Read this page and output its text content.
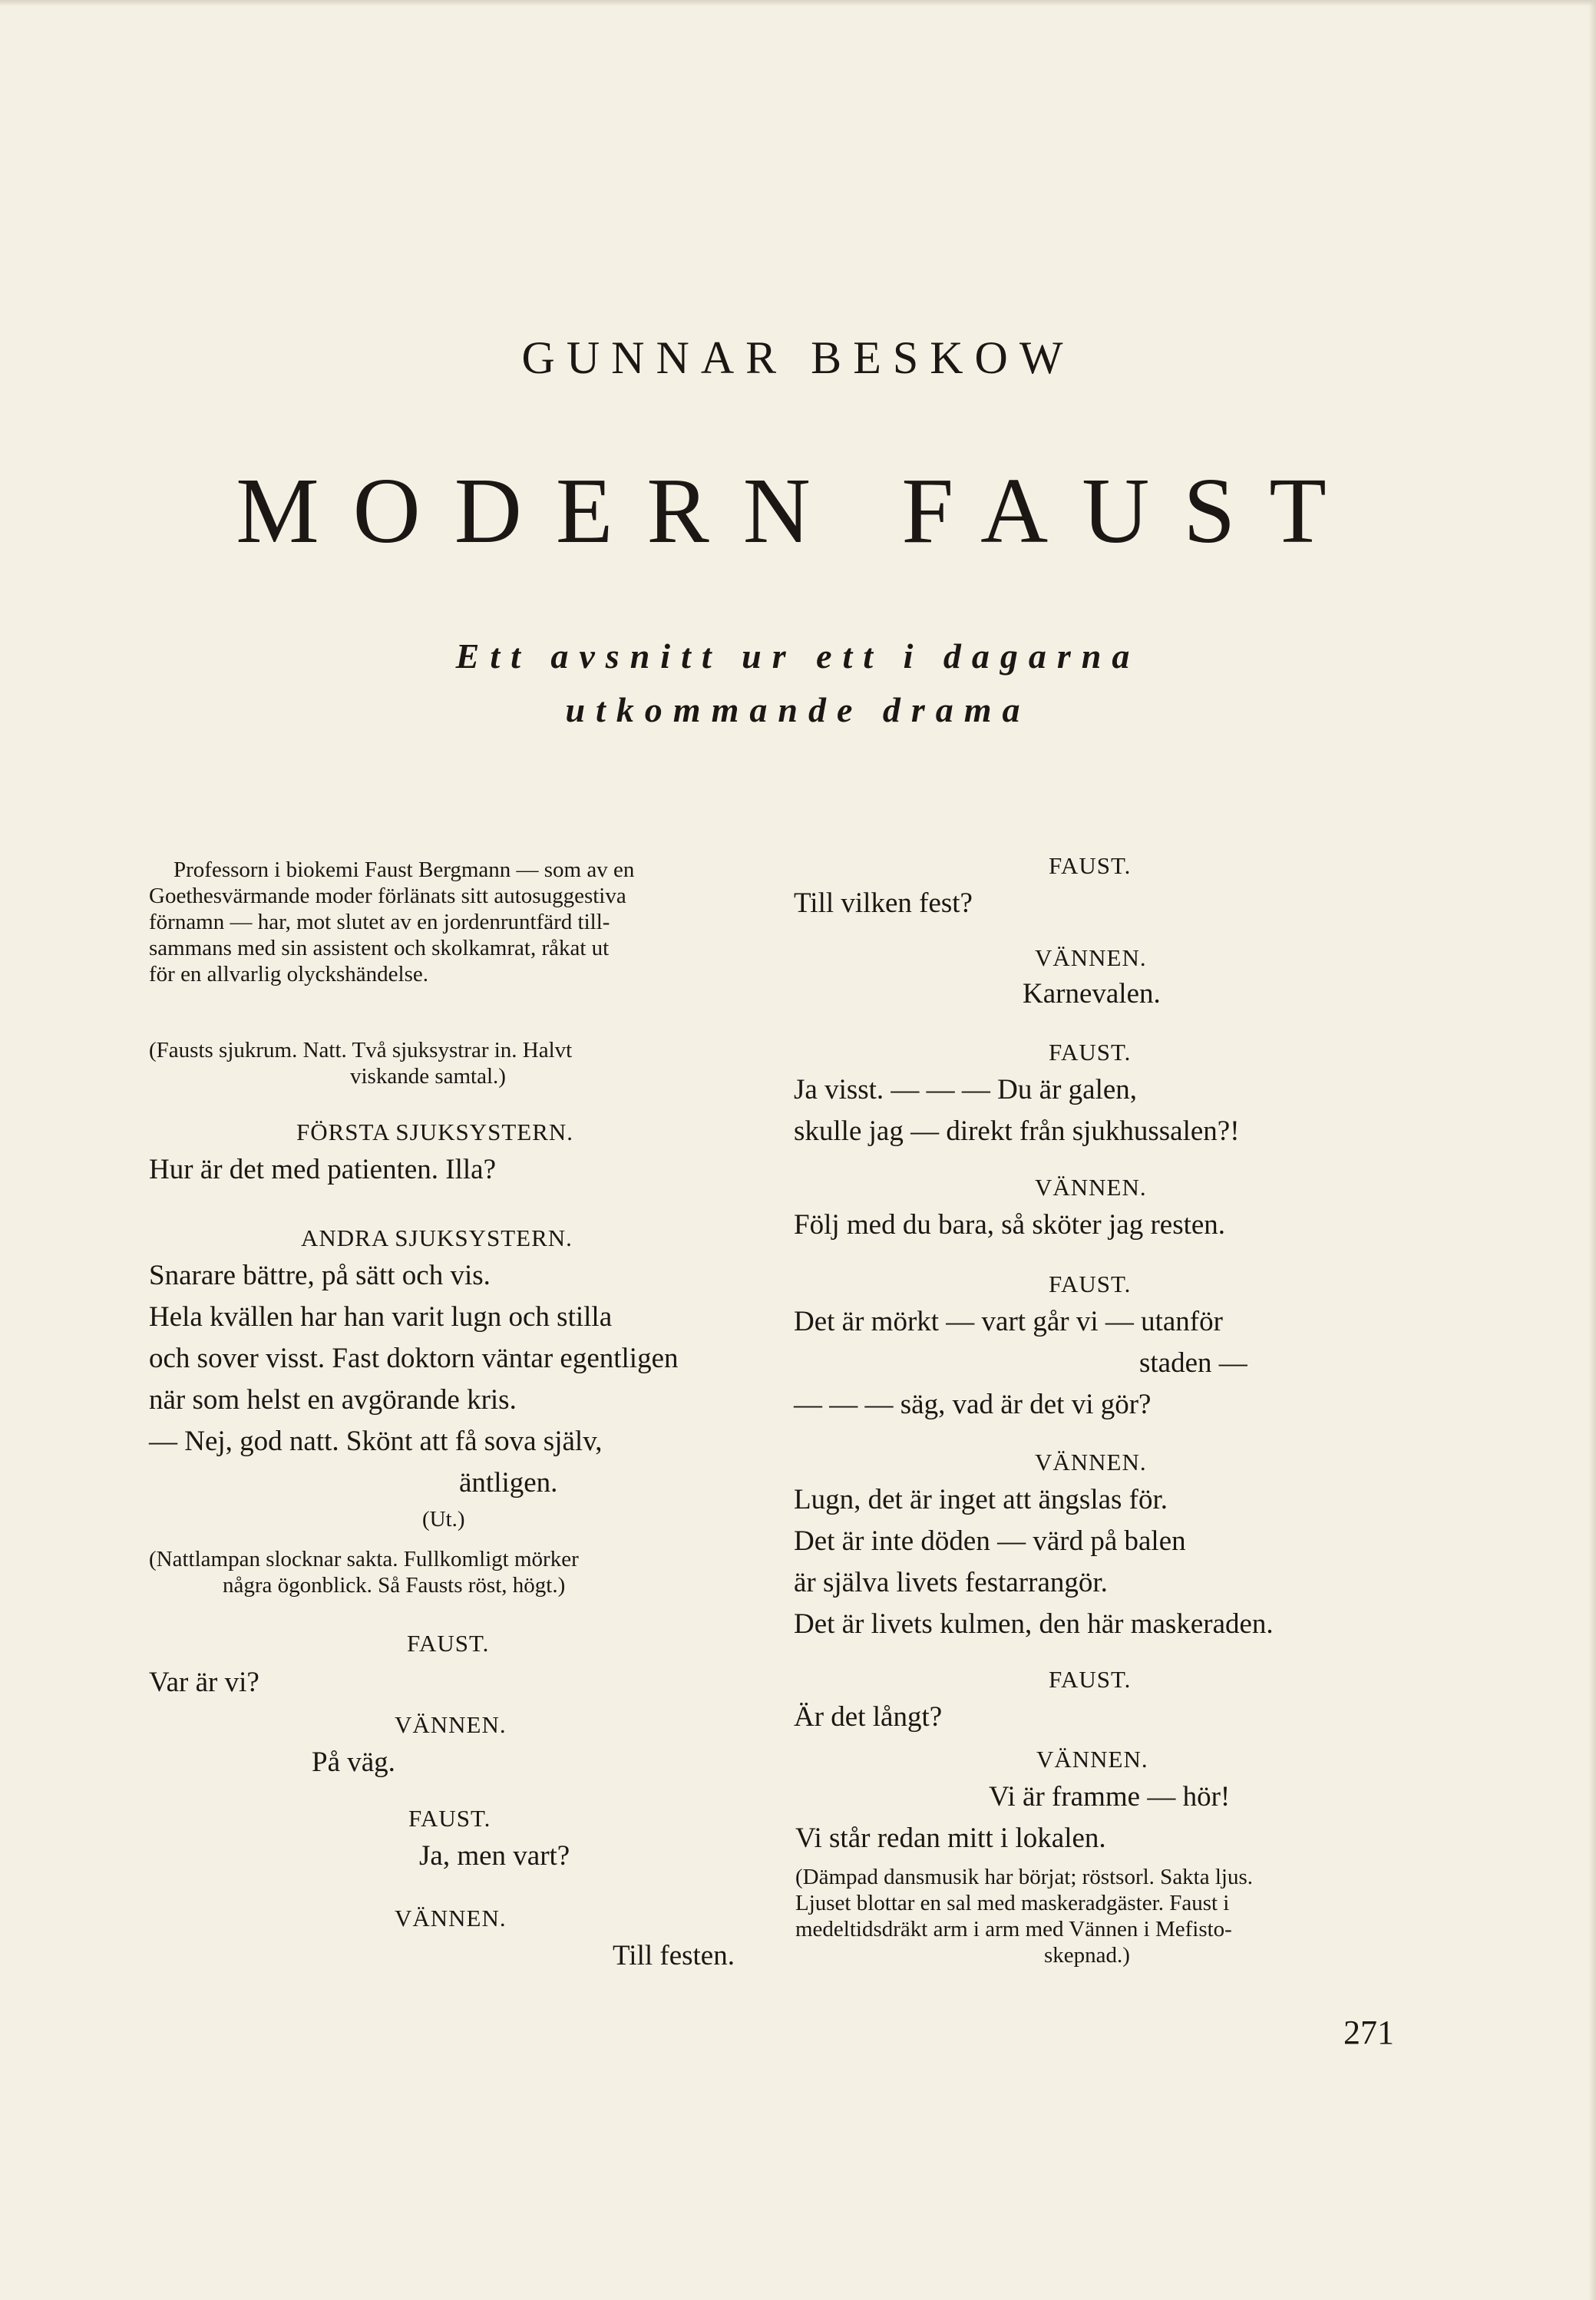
GUNNAR BESKOW
MODERN FAUST
Ett avsnitt ur ett i dagarna
utkommande drama
Professorn i biokemi Faust Bergmann — som av en
Goethesvärmande moder förlänats sitt autosuggestiva
förnamn — har, mot slutet av en jordenruntfärd till-
sammans med sin assistent och skolkamrat, råkat ut
för en allvarlig olyckshändelse.
(Fausts sjukrum. Natt. Två sjuksystrar in. Halvt
viskande samtal.)
FÖRSTA SJUKSYSTERN.
Hur är det med patienten. Illa?
ANDRA SJUKSYSTERN.
Snarare bättre, på sätt och vis.
Hela kvällen har han varit lugn och stilla
och sover visst. Fast doktorn väntar egentligen
när som helst en avgörande kris.
— Nej, god natt. Skönt att få sova själv,
äntligen.
(Ut.)
(Nattlampan slocknar sakta. Fullkomligt mörker
några ögonblick. Så Fausts röst, högt.)
FAUST.
Var är vi?
VÄNNEN.
På väg.
FAUST.
Ja, men vart?
VÄNNEN.
Till festen.
FAUST.
Till vilken fest?
VÄNNEN.
Karnevalen.
FAUST.
Ja visst. — — — Du är galen,
skulle jag — direkt från sjukhussalen?!
VÄNNEN.
Följ med du bara, så sköter jag resten.
FAUST.
Det är mörkt — vart går vi — utanför
staden —
— — — säg, vad är det vi gör?
VÄNNEN.
Lugn, det är inget att ängslas för.
Det är inte döden — värd på balen
är själva livets festarrangör.
Det är livets kulmen, den här maskeraden.
FAUST.
Är det långt?
VÄNNEN.
Vi är framme — hör!
Vi står redan mitt i lokalen.
(Dämpad dansmusik har börjat; röstsorl. Sakta ljus.
Ljuset blottar en sal med maskeradgäster. Faust i
medeltidsdräkt arm i arm med Vännen i Mefisto-
skepnad.)
271
